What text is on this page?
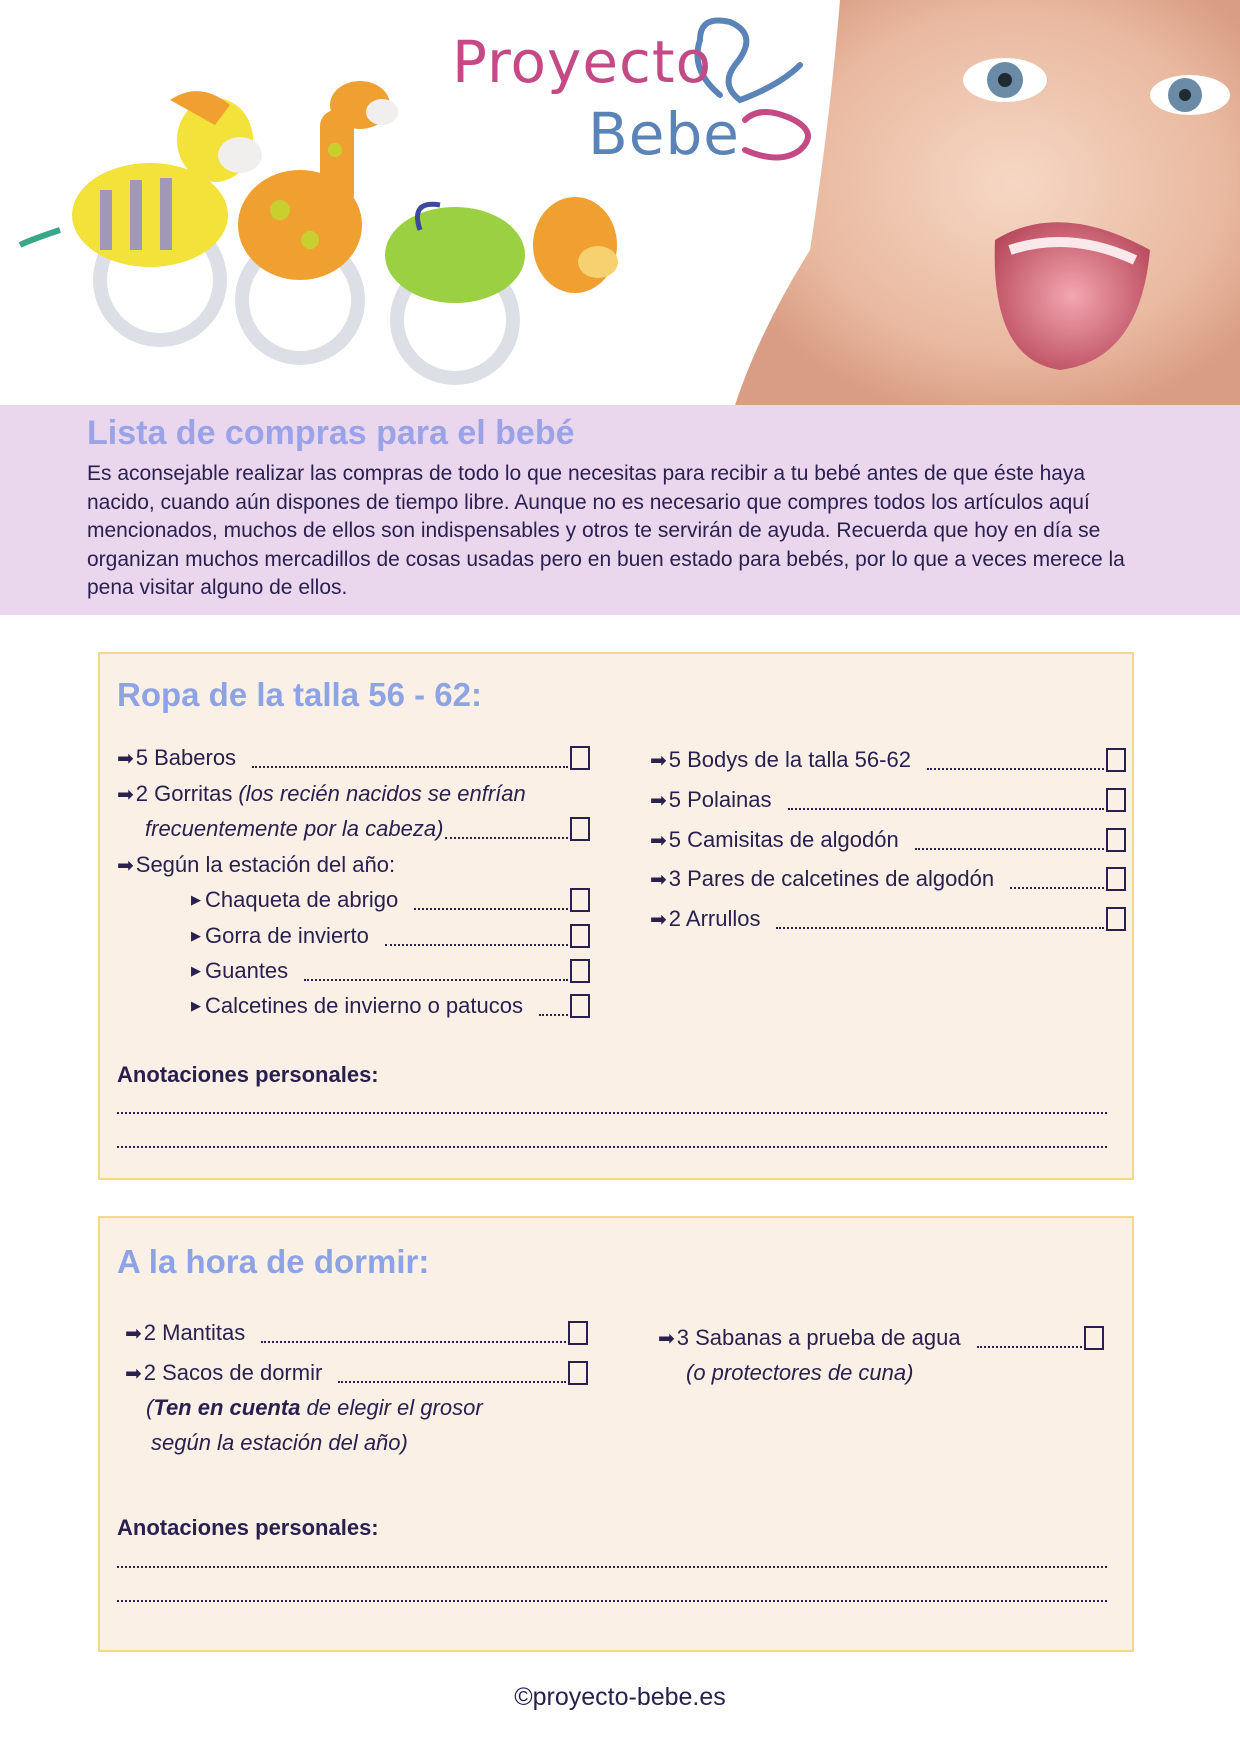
Proyecto
Bebe
Lista de compras para el bebé
Es aconsejable realizar las compras de todo lo que necesitas para recibir a tu bebé antes de que éste haya nacido, cuando aún dispones de tiempo libre. Aunque no es necesario que compres todos los artículos aquí mencionados, muchos de ellos son indispensables y otros te servirán de ayuda. Recuerda que hoy en día se organizan muchos mercadillos de cosas usadas pero en buen estado para bebés, por lo que a veces merece la pena visitar alguno de ellos.
Ropa de la talla 56 - 62:
➡ 5 Baberos
➡ 2 Gorritas (los recién nacidos se enfrían
frecuentemente por la cabeza)
➡ Según la estación del año:
▶ Chaqueta de abrigo
▶ Gorra de invierto
▶ Guantes
▶ Calcetines de invierno o patucos
➡ 5 Bodys de la talla 56-62
➡ 5 Polainas
➡ 5 Camisitas de algodón
➡ 3 Pares de calcetines de algodón
➡ 2 Arrullos
Anotaciones personales:
A la hora de dormir:
➡ 2 Mantitas
➡ 2 Sacos de dormir
( Ten en cuenta de elegir el grosor
según la estación del año)
➡ 3 Sabanas a prueba de agua
(o protectores de cuna)
Anotaciones personales:
©proyecto-bebe.es
